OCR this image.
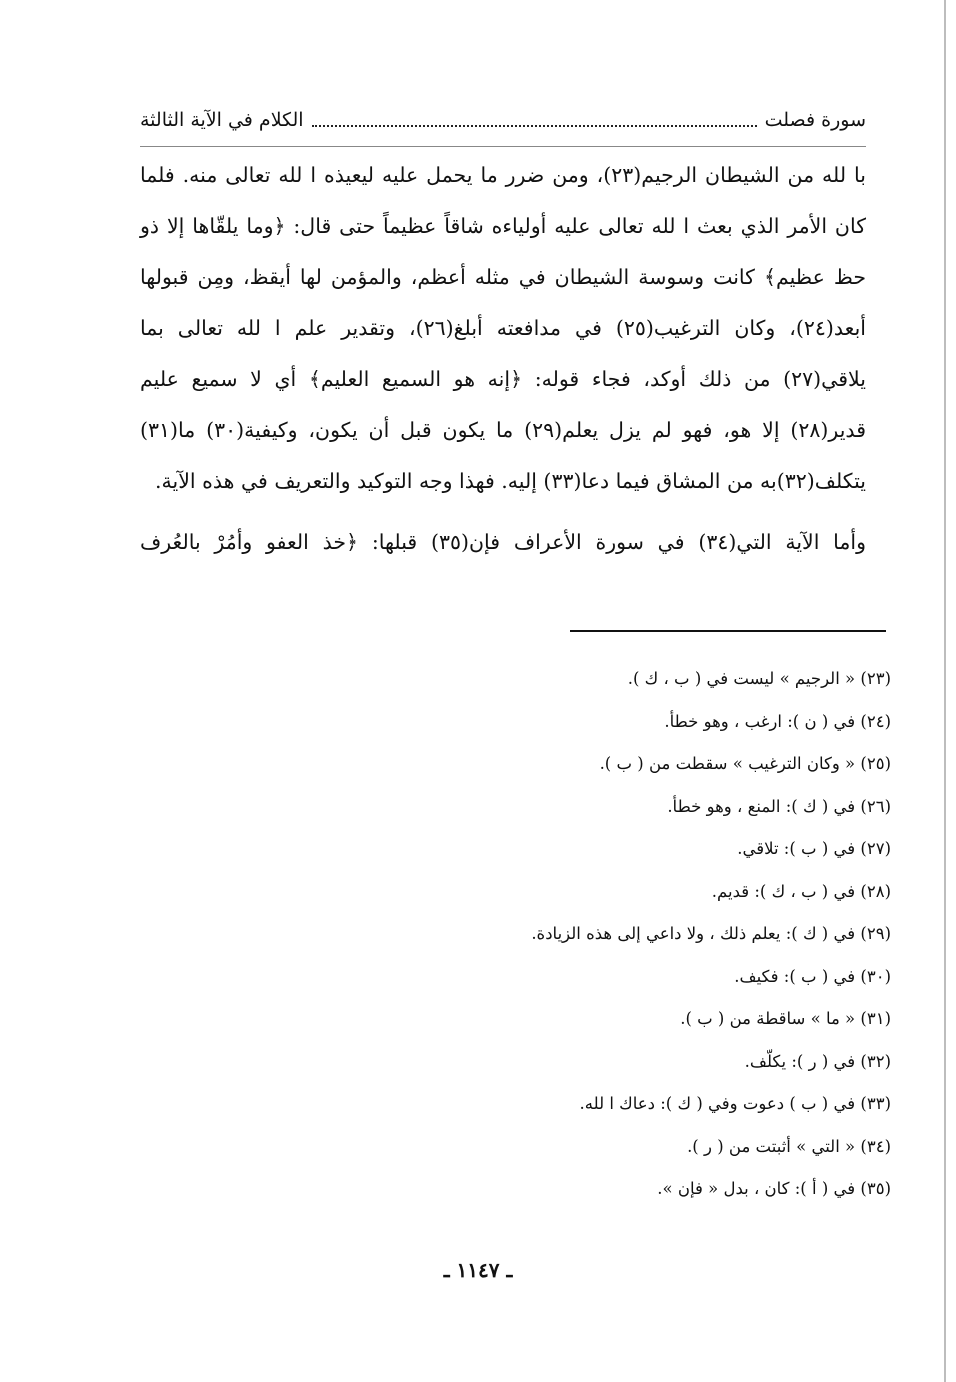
سورة فصلت
الكلام في الآية الثالثة

با لله من الشيطان الرجيم(٢٣)، ومن ضرر ما يحمل عليه ليعيذه ا لله تعالى منه. فلما كان الأمر الذي بعث ا لله تعالى عليه أولياءه شاقاً عظيماً حتى قال: ﴿وما يلقّاها إلا ذو حظ عظيم﴾ كانت وسوسة الشيطان في مثله أعظم، والمؤمن لها أيقظ، ومِن قبولها أبعد(٢٤)، وكان الترغيب(٢٥) في مدافعته أبلغ(٢٦)، وتقدير علم ا لله تعالى بما يلاقي(٢٧) من ذلك أوكد، فجاء قوله: ﴿إنه هو السميع العليم﴾ أي لا سميع عليم قدير(٢٨) إلا هو، فهو لم يزل يعلم(٢٩) ما يكون قبل أن يكون، وكيفية(٣٠) ما(٣١) يتكلف(٣٢)به من المشاق فيما دعا(٣٣) إليه. فهذا وجه التوكيد والتعريف في هذه الآية.

وأما الآية التي(٣٤) في سورة الأعراف فإن(٣٥) قبلها: ﴿خذ العفو وأمُرْ بالعُرف

(٢٣) « الرجيم » ليست في ( ب ، ك ).
(٢٤) في ( ن ): ارغب ، وهو خطأ.
(٢٥) « وكان الترغيب » سقطت من ( ب ).
(٢٦) في ( ك ): المنع ، وهو خطأ.
(٢٧) في ( ب ): تلاقي.
(٢٨) في ( ب ، ك ): قديم.
(٢٩) في ( ك ): يعلم ذلك ، ولا داعي إلى هذه الزيادة.
(٣٠) في ( ب ): فكيف.
(٣١) « ما » ساقطة من ( ب ).
(٣٢) في ( ر ): يكلّف.
(٣٣) في ( ب ) دعوت وفي ( ك ): دعاك ا لله.
(٣٤) « التي » أثبتت من ( ر ).
(٣٥) في ( أ ): كان ، بدل « فإن ».
ـ ١١٤٧ ـ
